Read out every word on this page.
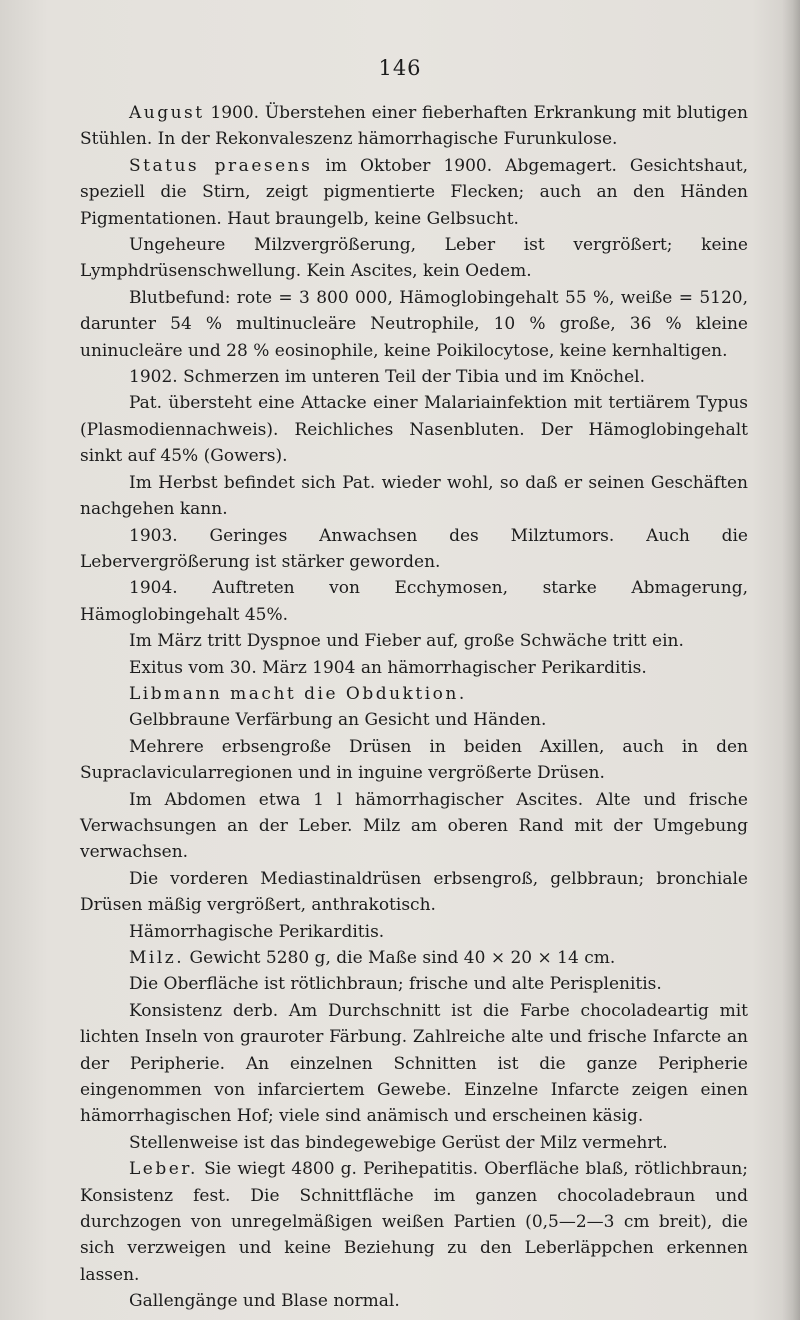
146

August 1900. Überstehen einer fieberhaften Erkrankung mit blutigen Stühlen. In der Rekonvaleszenz hämorrhagische Furunkulose.

Status praesens im Oktober 1900. Abgemagert. Gesichtshaut, speziell die Stirn, zeigt pigmentierte Flecken; auch an den Händen Pigmentationen. Haut braungelb, keine Gelbsucht.

Ungeheure Milzvergrößerung, Leber ist vergrößert; keine Lymphdrüsenschwellung. Kein Ascites, kein Oedem.

Blutbefund: rote = 3 800 000, Hämoglobingehalt 55 %, weiße = 5120, darunter 54 % multinucleäre Neutrophile, 10 % große, 36 % kleine uninucleäre und 28 % eosinophile, keine Poikilocytose, keine kernhaltigen.

1902. Schmerzen im unteren Teil der Tibia und im Knöchel.

Pat. übersteht eine Attacke einer Malariainfektion mit tertiärem Typus (Plasmodiennachweis). Reichliches Nasenbluten. Der Hämoglobingehalt sinkt auf 45% (Gowers).

Im Herbst befindet sich Pat. wieder wohl, so daß er seinen Geschäften nachgehen kann.

1903. Geringes Anwachsen des Milztumors. Auch die Lebervergrößerung ist stärker geworden.

1904. Auftreten von Ecchymosen, starke Abmagerung, Hämoglobingehalt 45%.

Im März tritt Dyspnoe und Fieber auf, große Schwäche tritt ein.

Exitus vom 30. März 1904 an hämorrhagischer Perikarditis.

Libmann macht die Obduktion.

Gelbbraune Verfärbung an Gesicht und Händen.

Mehrere erbsengroße Drüsen in beiden Axillen, auch in den Supraclavicularregionen und in inguine vergrößerte Drüsen.

Im Abdomen etwa 1 l hämorrhagischer Ascites. Alte und frische Verwachsungen an der Leber. Milz am oberen Rand mit der Umgebung verwachsen.

Die vorderen Mediastinaldrüsen erbsengroß, gelbbraun; bronchiale Drüsen mäßig vergrößert, anthrakotisch.

Hämorrhagische Perikarditis.

Milz. Gewicht 5280 g, die Maße sind 40 × 20 × 14 cm.

Die Oberfläche ist rötlichbraun; frische und alte Perisplenitis.

Konsistenz derb. Am Durchschnitt ist die Farbe chocoladeartig mit lichten Inseln von grauroter Färbung. Zahlreiche alte und frische Infarcte an der Peripherie. An einzelnen Schnitten ist die ganze Peripherie eingenommen von infarciertem Gewebe. Einzelne Infarcte zeigen einen hämorrhagischen Hof; viele sind anämisch und erscheinen käsig.

Stellenweise ist das bindegewebige Gerüst der Milz vermehrt.

Leber. Sie wiegt 4800 g. Perihepatitis. Oberfläche blaß, rötlichbraun; Konsistenz fest. Die Schnittfläche im ganzen chocoladebraun und durchzogen von unregelmäßigen weißen Partien (0,5—2—3 cm breit), die sich verzweigen und keine Beziehung zu den Leberläppchen erkennen lassen.

Gallengänge und Blase normal.
